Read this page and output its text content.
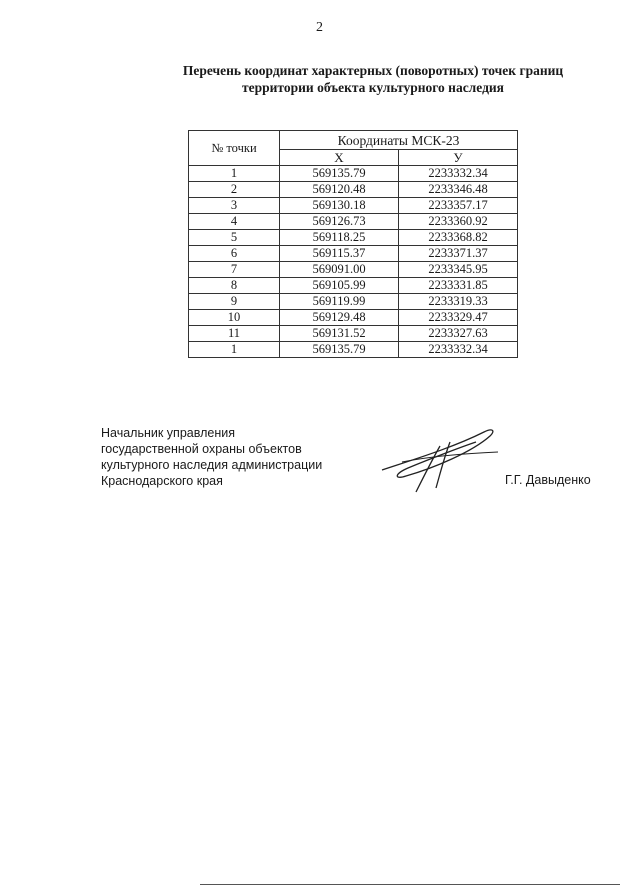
2
Перечень координат характерных (поворотных) точек границ
территории объекта культурного наследия
№ точки	Координаты МСК-23	
	Х	У
1	569135.79	2233332.34
2	569120.48	2233346.48
3	569130.18	2233357.17
4	569126.73	2233360.92
5	569118.25	2233368.82
6	569115.37	2233371.37
7	569091.00	2233345.95
8	569105.99	2233331.85
9	569119.99	2233319.33
10	569129.48	2233329.47
11	569131.52	2233327.63
1	569135.79	2233332.34
Начальник управления
государственной охраны объектов
культурного наследия администрации
Краснодарского края	Г.Г. Давыденко
